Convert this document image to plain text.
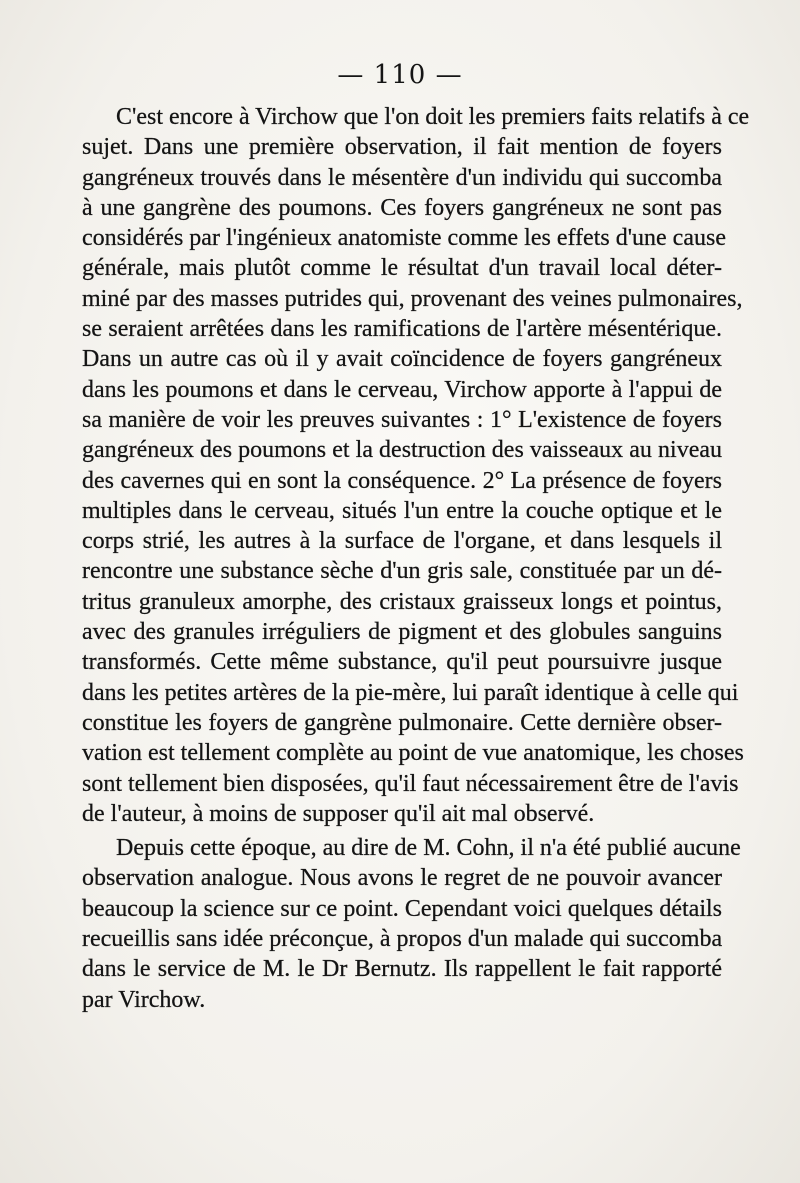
— 110 —
C'est encore à Virchow que l'on doit les premiers faits relatifs à ce
sujet. Dans une première observation, il fait mention de foyers
gangréneux trouvés dans le mésentère d'un individu qui succomba
à une gangrène des poumons. Ces foyers gangréneux ne sont pas
considérés par l'ingénieux anatomiste comme les effets d'une cause
générale, mais plutôt comme le résultat d'un travail local déter-
miné par des masses putrides qui, provenant des veines pulmonaires,
se seraient arrêtées dans les ramifications de l'artère mésentérique.
Dans un autre cas où il y avait coïncidence de foyers gangréneux
dans les poumons et dans le cerveau, Virchow apporte à l'appui de
sa manière de voir les preuves suivantes : 1° L'existence de foyers
gangréneux des poumons et la destruction des vaisseaux au niveau
des cavernes qui en sont la conséquence. 2° La présence de foyers
multiples dans le cerveau, situés l'un entre la couche optique et le
corps strié, les autres à la surface de l'organe, et dans lesquels il
rencontre une substance sèche d'un gris sale, constituée par un dé-
tritus granuleux amorphe, des cristaux graisseux longs et pointus,
avec des granules irréguliers de pigment et des globules sanguins
transformés. Cette même substance, qu'il peut poursuivre jusque
dans les petites artères de la pie-mère, lui paraît identique à celle qui
constitue les foyers de gangrène pulmonaire. Cette dernière obser-
vation est tellement complète au point de vue anatomique, les choses
sont tellement bien disposées, qu'il faut nécessairement être de l'avis
de l'auteur, à moins de supposer qu'il ait mal observé.
Depuis cette époque, au dire de M. Cohn, il n'a été publié aucune
observation analogue. Nous avons le regret de ne pouvoir avancer
beaucoup la science sur ce point. Cependant voici quelques détails
recueillis sans idée préconçue, à propos d'un malade qui succomba
dans le service de M. le Dr Bernutz. Ils rappellent le fait rapporté
par Virchow.
